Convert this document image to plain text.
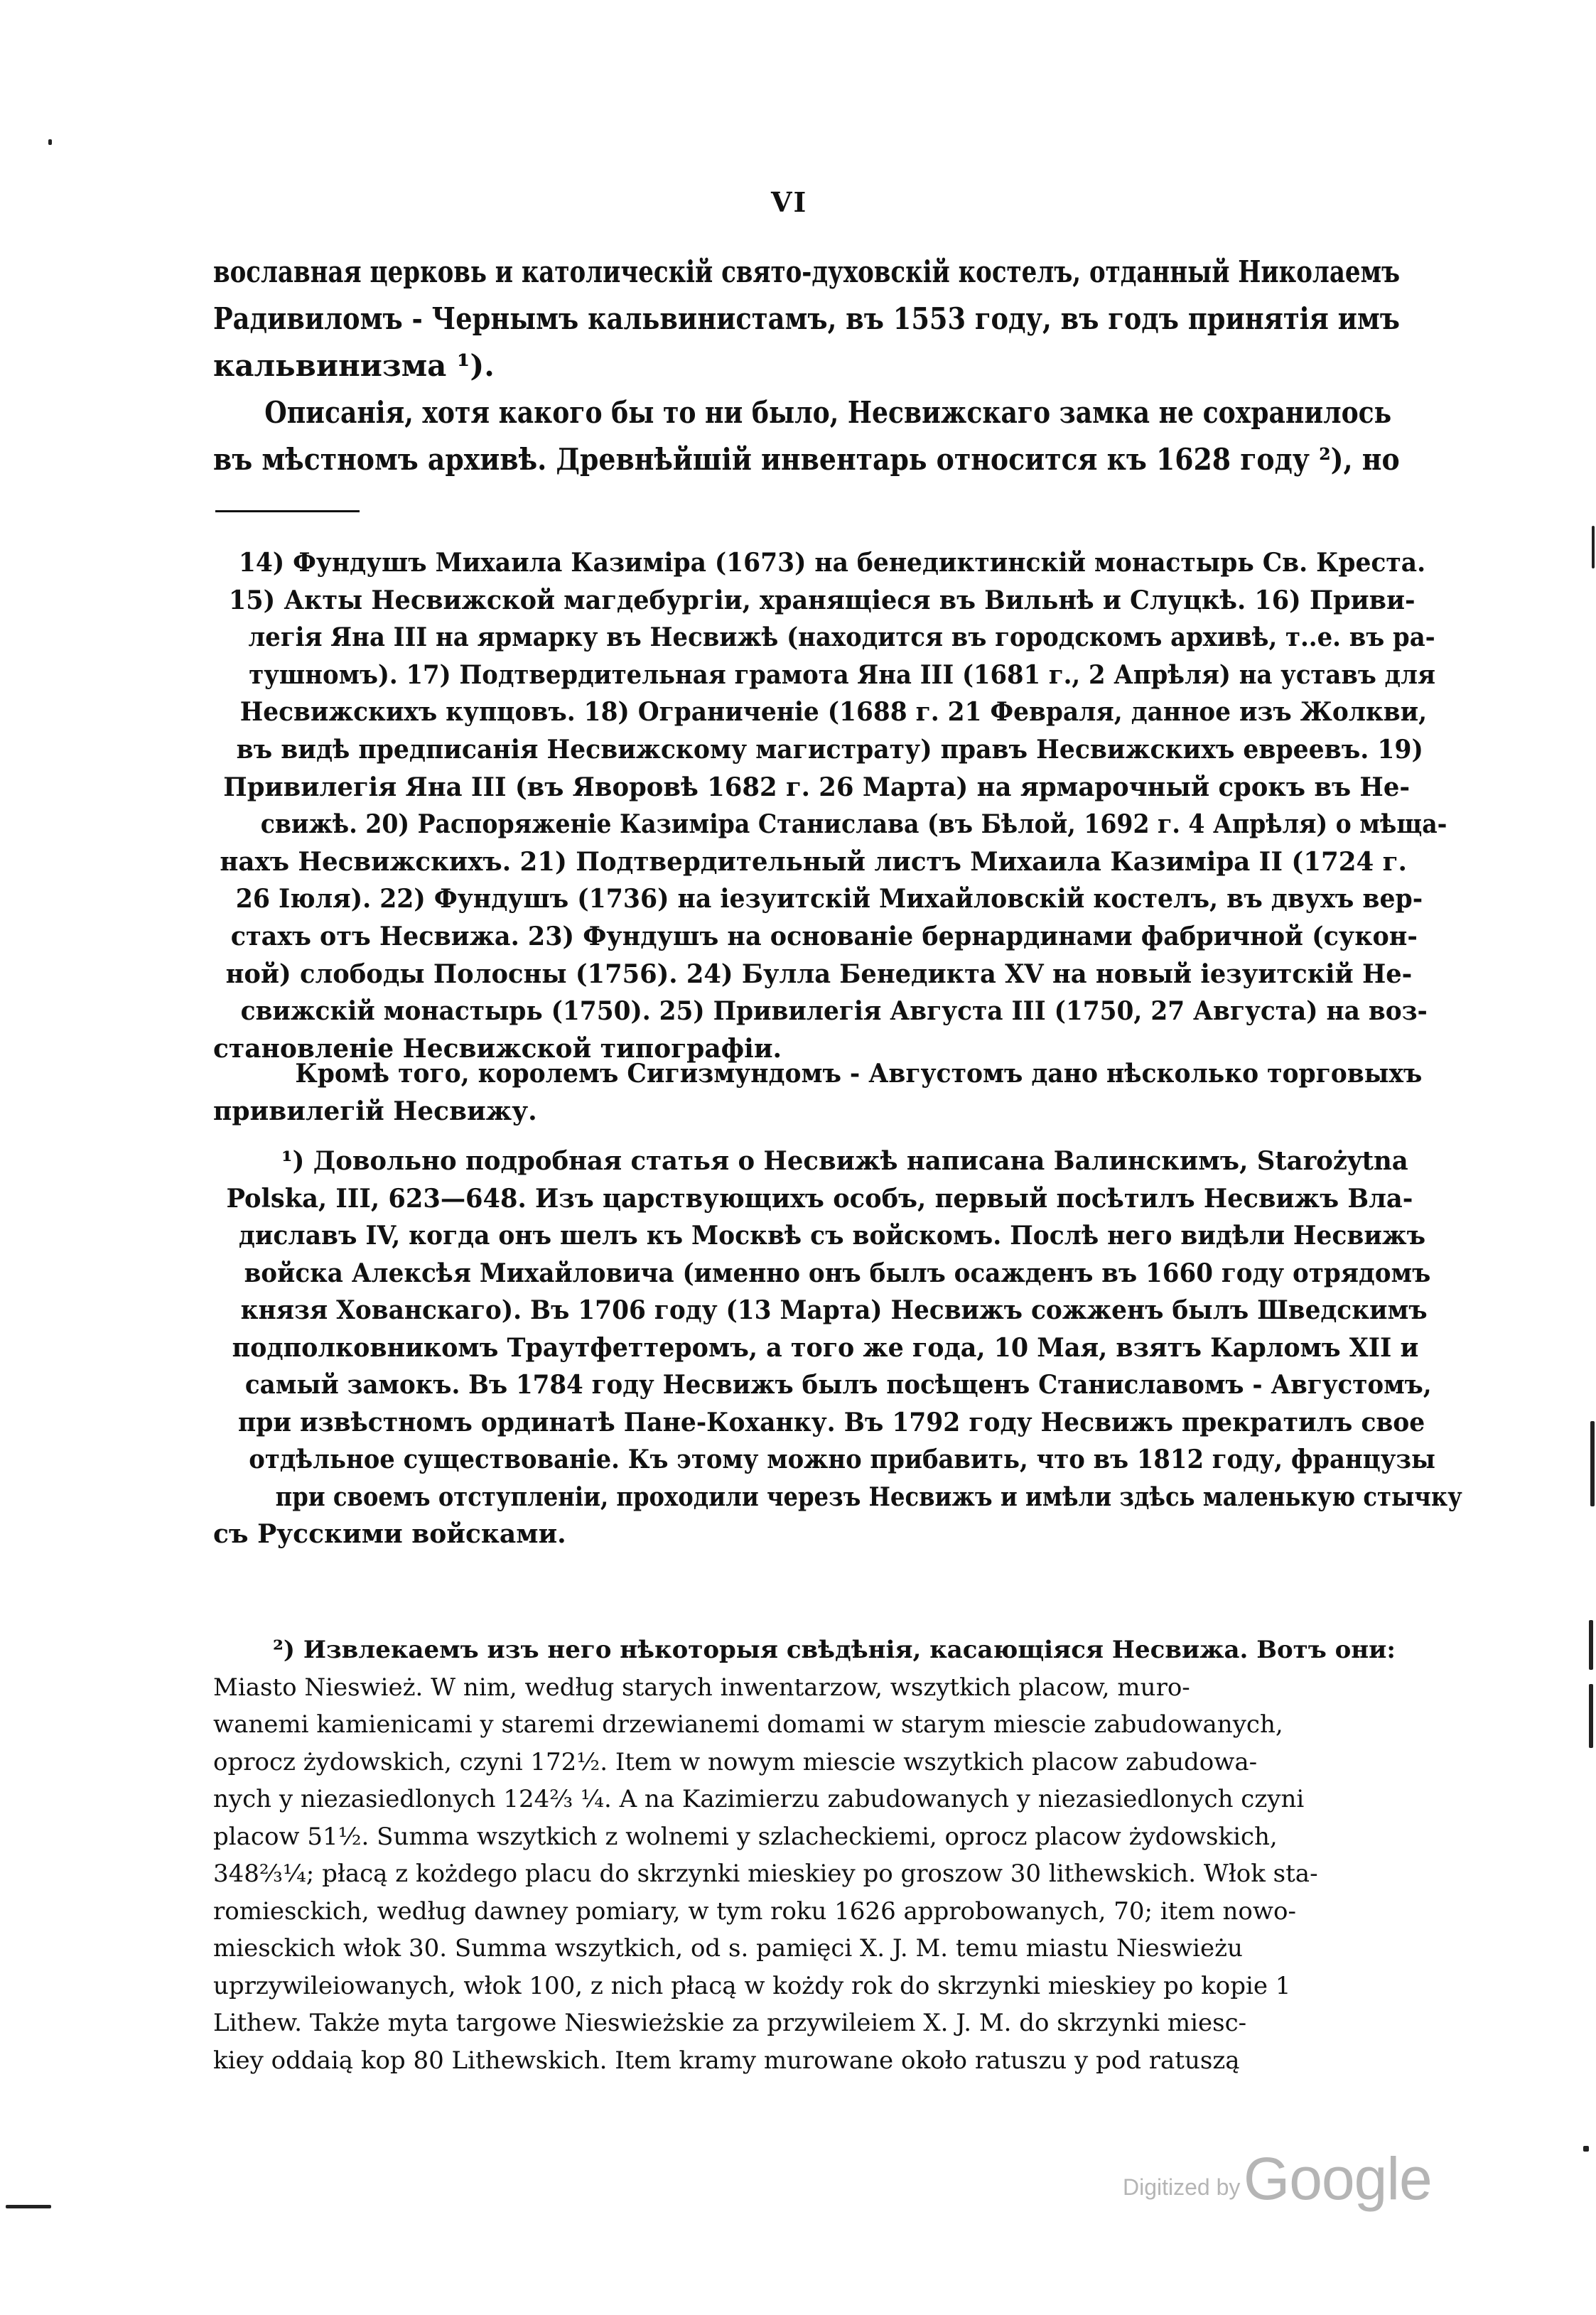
VI
вославная церковь и католическій свято-духовскій костелъ, отданный Николаемъ
Радивиломъ - Чернымъ кальвинистамъ, въ 1553 году, въ годъ принятія имъ
кальвинизма ¹).
Описанія, хотя какого бы то ни было, Несвижскаго замка не сохранилось
въ мѣстномъ архивѣ. Древнѣйшій инвентарь относится къ 1628 году ²), но
14) Фундушъ Михаила Казиміра (1673) на бенедиктинскій монастырь Св. Креста.
15) Акты Несвижской магдебургіи, хранящіеся въ Вильнѣ и Слуцкѣ. 16) Приви-
легія Яна III на ярмарку въ Несвижѣ (находится въ городскомъ архивѣ, т..е. въ ра-
тушномъ). 17) Подтвердительная грамота Яна III (1681 г., 2 Апрѣля) на уставъ для
Несвижскихъ купцовъ. 18) Ограниченіе (1688 г. 21 Февраля, данное изъ Жолкви,
въ видѣ предписанія Несвижскому магистрату) правъ Несвижскихъ евреевъ. 19)
Привилегія Яна III (въ Яворовѣ 1682 г. 26 Марта) на ярмарочный срокъ въ Не-
свижѣ. 20) Распоряженіе Казиміра Станислава (въ Бѣлой, 1692 г. 4 Апрѣля) о мѣща-
нахъ Несвижскихъ. 21) Подтвердительный листъ Михаила Казиміра II (1724 г.
26 Іюля). 22) Фундушъ (1736) на іезуитскій Михайловскій костелъ, въ двухъ вер-
стахъ отъ Несвижа. 23) Фундушъ на основаніе бернардинами фабричной (сукон-
ной) слободы Полосны (1756). 24) Булла Бенедикта XV на новый іезуитскій Не-
свижскій монастырь (1750). 25) Привилегія Августа III (1750, 27 Августа) на воз-
становленіе Несвижской типографіи.
Кромѣ того, королемъ Сигизмундомъ - Августомъ дано нѣсколько торговыхъ
привилегій Несвижу.
¹) Довольно подробная статья о Несвижѣ написана Валинскимъ, Starożytna
Polska, III, 623—648. Изъ царствующихъ особъ, первый посѣтилъ Несвижъ Вла-
диславъ IV, когда онъ шелъ къ Москвѣ съ войскомъ. Послѣ него видѣли Несвижъ
войска Алексѣя Михайловича (именно онъ былъ осажденъ въ 1660 году отрядомъ
князя Хованскаго). Въ 1706 году (13 Марта) Несвижъ сожженъ былъ Шведскимъ
подполковникомъ Траутфеттеромъ, а того же года, 10 Мая, взятъ Карломъ XII и
самый замокъ. Въ 1784 году Несвижъ былъ посѣщенъ Станиславомъ - Августомъ,
при извѣстномъ ординатѣ Пане-Коханку. Въ 1792 году Несвижъ прекратилъ свое
отдѣльное существованіе. Къ этому можно прибавить, что въ 1812 году, французы
при своемъ отступленіи, проходили черезъ Несвижъ и имѣли здѣсь маленькую стычку
съ Русскими войсками.
²) Извлекаемъ изъ него нѣкоторыя свѣдѣнія, касающіяся Несвижа. Вотъ они:
Miasto Nieswież. W nim, według starych inwentarzow, wszytkich placow, muro-
wanemi kamienicami y staremi drzewianemi domami w starym miescie zabudowanych,
oprocz żydowskich, czyni 172½. Item w nowym miescie wszytkich placow zabudowa-
nych y niezasiedlonych 124⅔ ¼. A na Kazimierzu zabudowanych y niezasiedlonych czyni
placow 51½. Summa wszytkich z wolnemi y szlacheckiemi, oprocz placow żydowskich,
348⅔¼; płacą z kożdego placu do skrzynki mieskiey po groszow 30 lithewskich. Włok sta-
romiesckich, według dawney pomiary, w tym roku 1626 approbowanych, 70; item nowo-
miesckich włok 30. Summa wszytkich, od s. pamięci X. J. M. temu miastu Nieswieżu
uprzywileiowanych, włok 100, z nich płacą w kożdy rok do skrzynki mieskiey po kopie 1
Lithew. Także myta targowe Nieswieżskie za przywileiem X. J. M. do skrzynki miesc-
kiey oddaią kop 80 Lithewskich. Item kramy murowane około ratuszu y pod ratuszą
Digitized by Google
